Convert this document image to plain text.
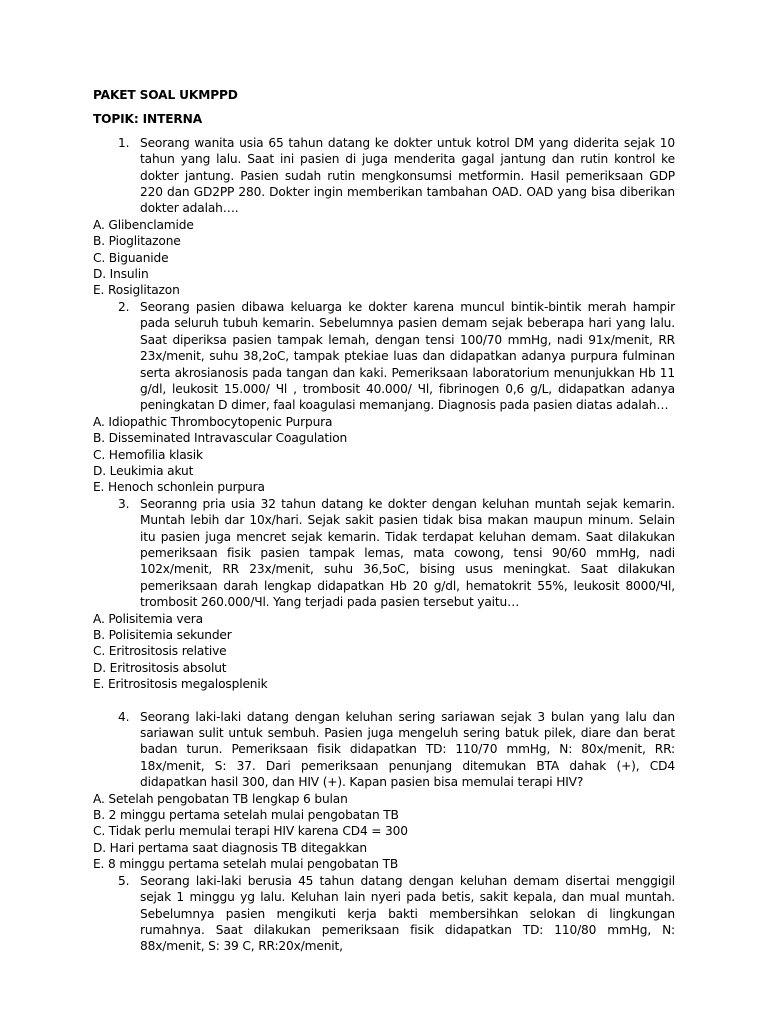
PAKET SOAL UKMPPD

TOPIK: INTERNA

1. Seorang wanita usia 65 tahun datang ke dokter untuk kotrol DM yang diderita sejak 10 tahun yang lalu. Saat ini pasien di juga menderita gagal jantung dan rutin kontrol ke dokter jantung. Pasien sudah rutin mengkonsumsi metformin. Hasil pemeriksaan GDP 220 dan GD2PP 280. Dokter ingin memberikan tambahan OAD. OAD yang bisa diberikan dokter adalah….

A. Glibenclamide

B. Pioglitazone

C. Biguanide

D. Insulin

E. Rosiglitazon

2. Seorang pasien dibawa keluarga ke dokter karena muncul bintik-bintik merah hampir pada seluruh tubuh kemarin. Sebelumnya pasien demam sejak beberapa hari yang lalu. Saat diperiksa pasien tampak lemah, dengan tensi 100/70 mmHg, nadi 91x/menit, RR 23x/menit, suhu 38,2oC, tampak ptekiae luas dan didapatkan adanya purpura fulminan serta akrosianosis pada tangan dan kaki. Pemeriksaan laboratorium menunjukkan Hb 11 g/dl, leukosit 15.000/ Ɥl , trombosit 40.000/ Ɥl, fibrinogen 0,6 g/L, didapatkan adanya peningkatan D dimer, faal koagulasi memanjang. Diagnosis pada pasien diatas adalah…

A. Idiopathic Thrombocytopenic Purpura

B. Disseminated Intravascular Coagulation

C. Hemofilia klasik

D. Leukimia akut

E. Henoch schonlein purpura

3. Seoranng pria usia 32 tahun datang ke dokter dengan keluhan muntah sejak kemarin. Muntah lebih dar 10x/hari. Sejak sakit pasien tidak bisa makan maupun minum. Selain itu pasien juga mencret sejak kemarin. Tidak terdapat keluhan demam. Saat dilakukan pemeriksaan fisik pasien tampak lemas, mata cowong, tensi 90/60 mmHg, nadi 102x/menit, RR 23x/menit, suhu 36,5oC, bising usus meningkat. Saat dilakukan pemeriksaan darah lengkap didapatkan Hb 20 g/dl, hematokrit 55%, leukosit 8000/Ɥl, trombosit 260.000/Ɥl. Yang terjadi pada pasien tersebut yaitu…

A. Polisitemia vera

B. Polisitemia sekunder

C. Eritrositosis relative

D. Eritrositosis absolut

E. Eritrositosis megalosplenik

4. Seorang laki-laki datang dengan keluhan sering sariawan sejak 3 bulan yang lalu dan sariawan sulit untuk sembuh. Pasien juga mengeluh sering batuk pilek, diare dan berat badan turun. Pemeriksaan fisik didapatkan TD: 110/70 mmHg, N: 80x/menit, RR: 18x/menit, S: 37. Dari pemeriksaan penunjang ditemukan BTA dahak (+), CD4 didapatkan hasil 300, dan HIV (+). Kapan pasien bisa memulai terapi HIV?

A. Setelah pengobatan TB lengkap 6 bulan

B. 2 minggu pertama setelah mulai pengobatan TB

C. Tidak perlu memulai terapi HIV karena CD4 = 300

D. Hari pertama saat diagnosis TB ditegakkan

E. 8 minggu pertama setelah mulai pengobatan TB

5. Seorang laki-laki berusia 45 tahun datang dengan keluhan demam disertai menggigil sejak 1 minggu yg lalu. Keluhan lain nyeri pada betis, sakit kepala, dan mual muntah. Sebelumnya pasien mengikuti kerja bakti membersihkan selokan di lingkungan rumahnya. Saat dilakukan pemeriksaan fisik didapatkan TD: 110/80 mmHg, N: 88x/menit, S: 39 C, RR:20x/menit,
